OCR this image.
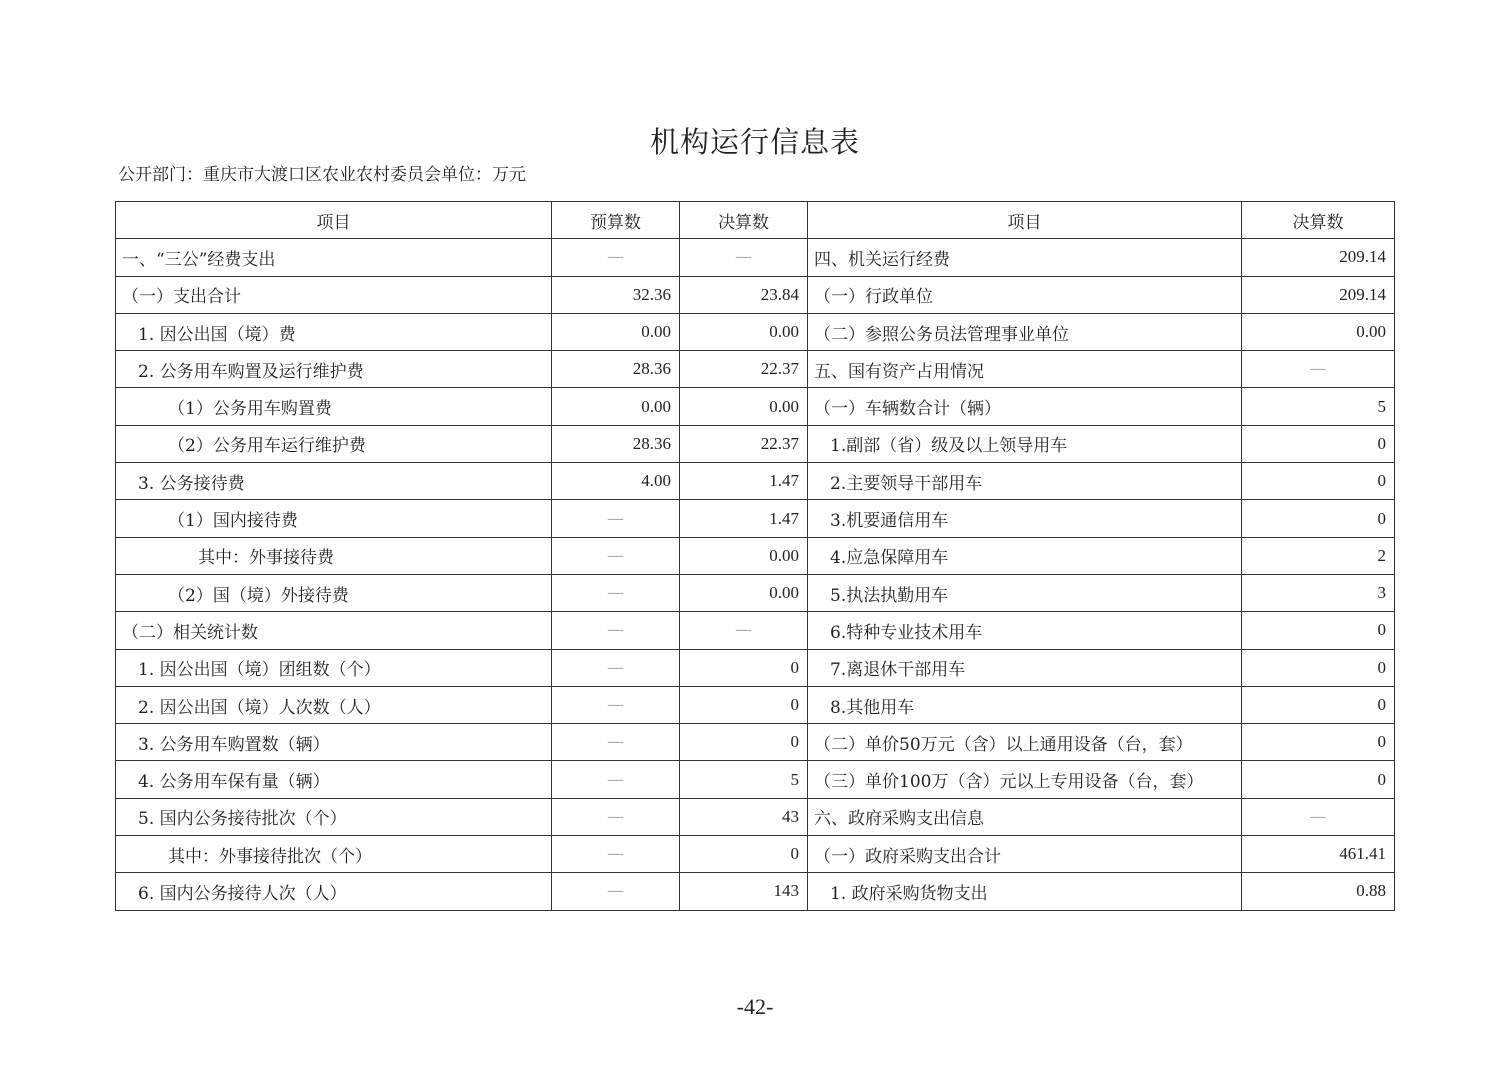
机构运行信息表
公开部门：重庆市大渡口区农业农村委员会单位：万元
项目	预算数	决算数	项目	决算数
一、“三公”经费支出	—	—	四、机关运行经费	209.14
（一）支出合计	32.36	23.84	（一）行政单位	209.14
1. 因公出国（境）费	0.00	0.00	（二）参照公务员法管理事业单位	0.00
2. 公务用车购置及运行维护费	28.36	22.37	五、国有资产占用情况	—
（1）公务用车购置费	0.00	0.00	（一）车辆数合计（辆）	5
（2）公务用车运行维护费	28.36	22.37	1.副部（省）级及以上领导用车	0
3. 公务接待费	4.00	1.47	2.主要领导干部用车	0
（1）国内接待费	—	1.47	3.机要通信用车	0
其中：外事接待费	—	0.00	4.应急保障用车	2
（2）国（境）外接待费	—	0.00	5.执法执勤用车	3
（二）相关统计数	—	—	6.特种专业技术用车	0
1. 因公出国（境）团组数（个）	—	0	7.离退休干部用车	0
2. 因公出国（境）人次数（人）	—	0	8.其他用车	0
3. 公务用车购置数（辆）	—	0	（二）单价50万元（含）以上通用设备（台，套）	0
4. 公务用车保有量（辆）	—	5	（三）单价100万（含）元以上专用设备（台，套）	0
5. 国内公务接待批次（个）	—	43	六、政府采购支出信息	—
其中：外事接待批次（个）	—	0	（一）政府采购支出合计	461.41
6. 国内公务接待人次（人）	—	143	1. 政府采购货物支出	0.88
-42-
